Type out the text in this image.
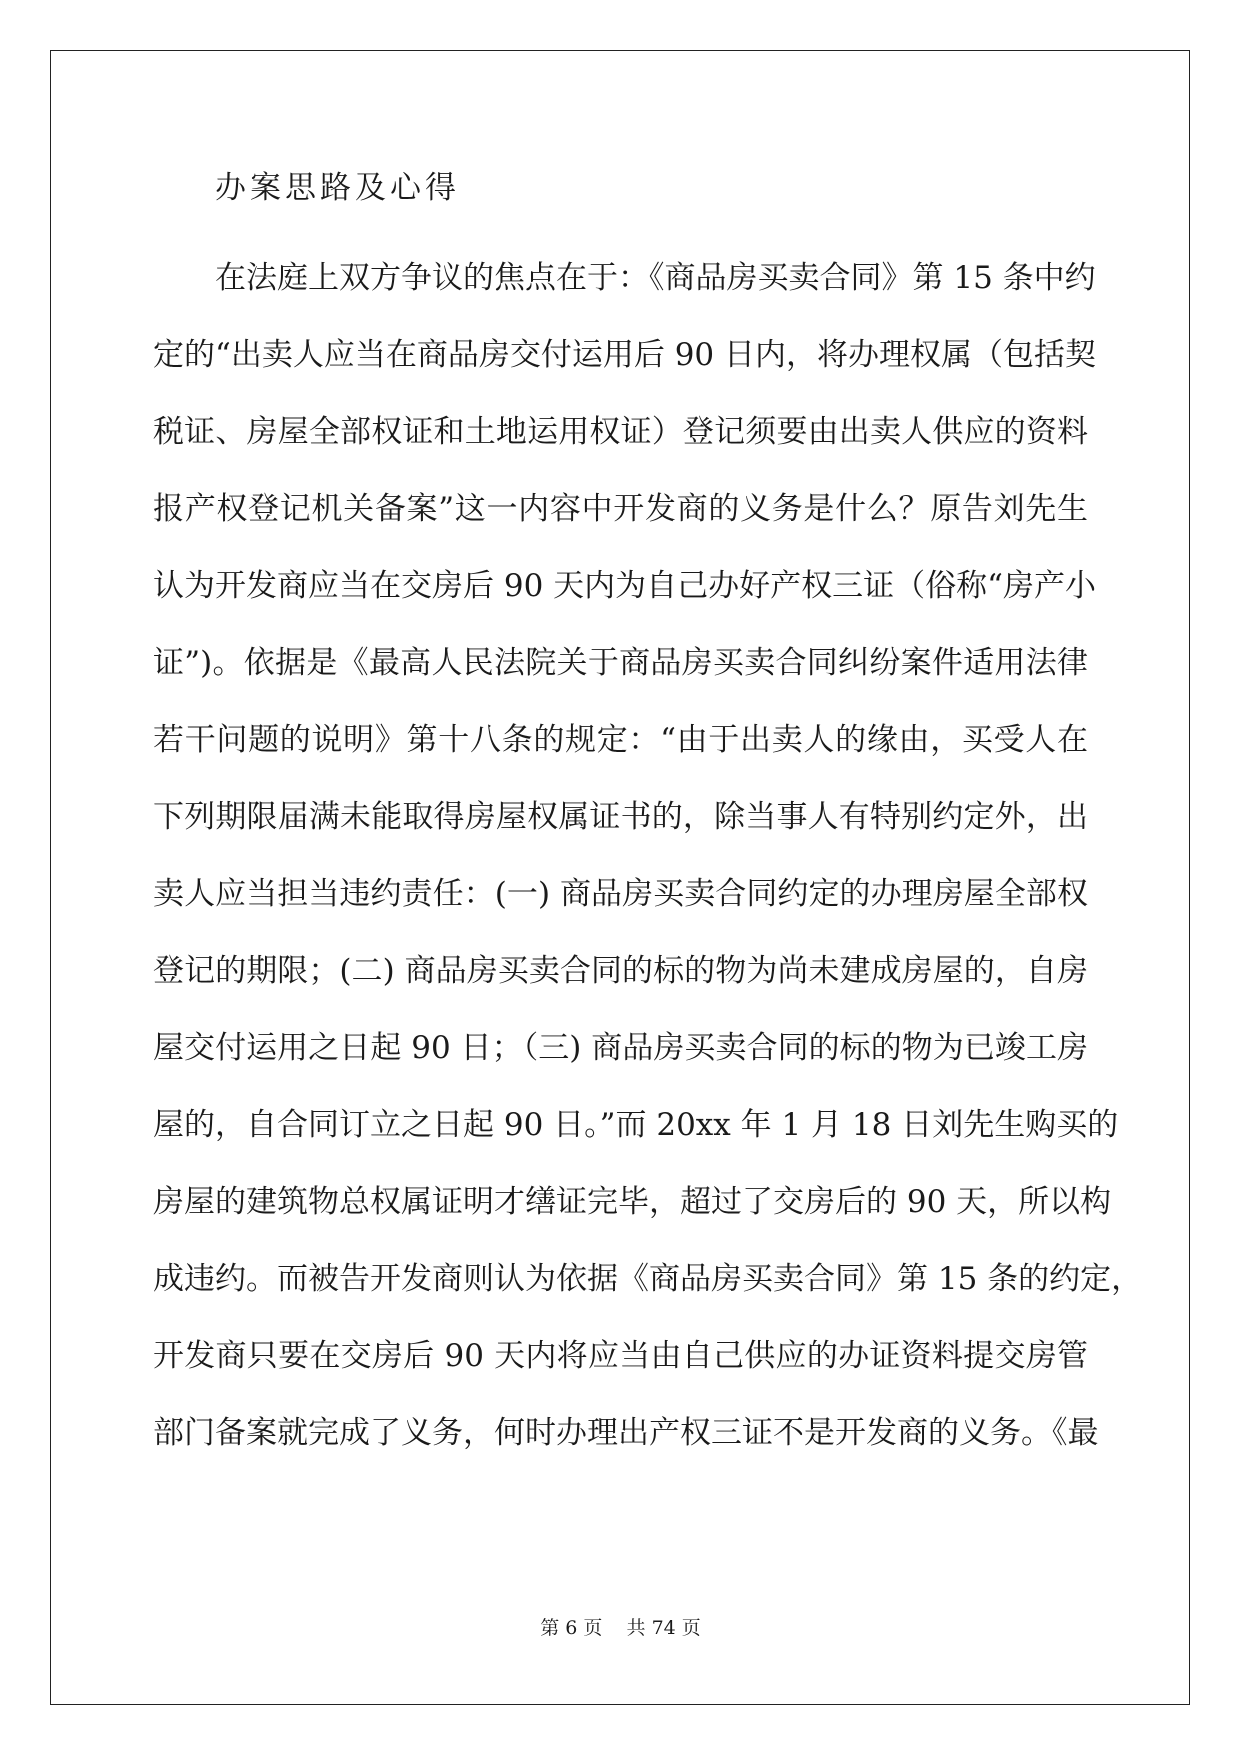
办案思路及心得

在法庭上双方争议的焦点在于：《商品房买卖合同》第 15 条中约
定的“出卖人应当在商品房交付运用后 90 日内，将办理权属（包括契
税证、房屋全部权证和土地运用权证）登记须要由出卖人供应的资料
报产权登记机关备案”这一内容中开发商的义务是什么？原告刘先生
认为开发商应当在交房后 90 天内为自己办好产权三证（俗称“房产小
证”)。依据是《最高人民法院关于商品房买卖合同纠纷案件适用法律
若干问题的说明》第十八条的规定：“由于出卖人的缘由，买受人在
下列期限届满未能取得房屋权属证书的，除当事人有特别约定外，出
卖人应当担当违约责任：(一) 商品房买卖合同约定的办理房屋全部权
登记的期限；(二) 商品房买卖合同的标的物为尚未建成房屋的，自房
屋交付运用之日起 90 日；（三) 商品房买卖合同的标的物为已竣工房
屋的，自合同订立之日起 90 日。”而 20xx 年 1 月 18 日刘先生购买的
房屋的建筑物总权属证明才缮证完毕，超过了交房后的 90 天，所以构
成违约。而被告开发商则认为依据《商品房买卖合同》第 15 条的约定，
开发商只要在交房后 90 天内将应当由自己供应的办证资料提交房管
部门备案就完成了义务，何时办理出产权三证不是开发商的义务。《最
第 6 页 共 74 页
